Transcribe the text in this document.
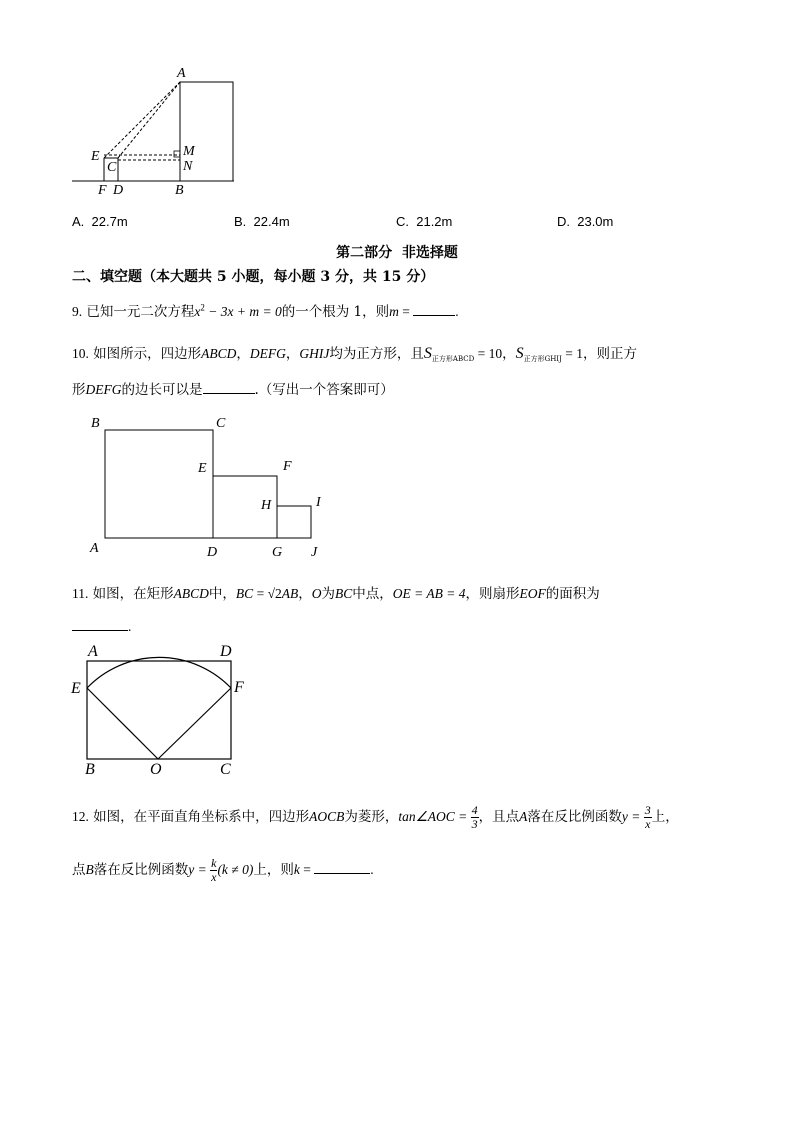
A
E
C
M
N
F D	B
A. 22.7m	B. 22.4m	C. 21.2m	D. 23.0m
第二部分  非选择题
二、填空题（本大题共 5 小题，每小题 3 分，共 15 分）
9. 已知一元二次方程$x^2 - 3x + m = 0$的一个根为 1，则m =	.
10. 如图所示，四边形ABCD，DEFG，GHIJ均为正方形，且$S_{正方形ABCD} = 10$，$S_{正方形GHIJ} = 1$，则正方
形DEFG的边长可以是	.（写出一个答案即可）
B	C
E	F
H	I
A	D	G J
11. 如图，在矩形ABCD中，BC = √2AB，O为BC中点，OE = AB = 4，则扇形EOF的面积为
.
A	D
E	F
B	O	C
12. 如图，在平面直角坐标系中，四边形AOCB为菱形，tan∠AOC = $\frac{4}{3}$ ，且点A落在反比例函数$y = \frac{3}{x}$ 上，
点B落在反比例函数$y = \frac{k}{x} (k \ne 0)$上，则k =	.
